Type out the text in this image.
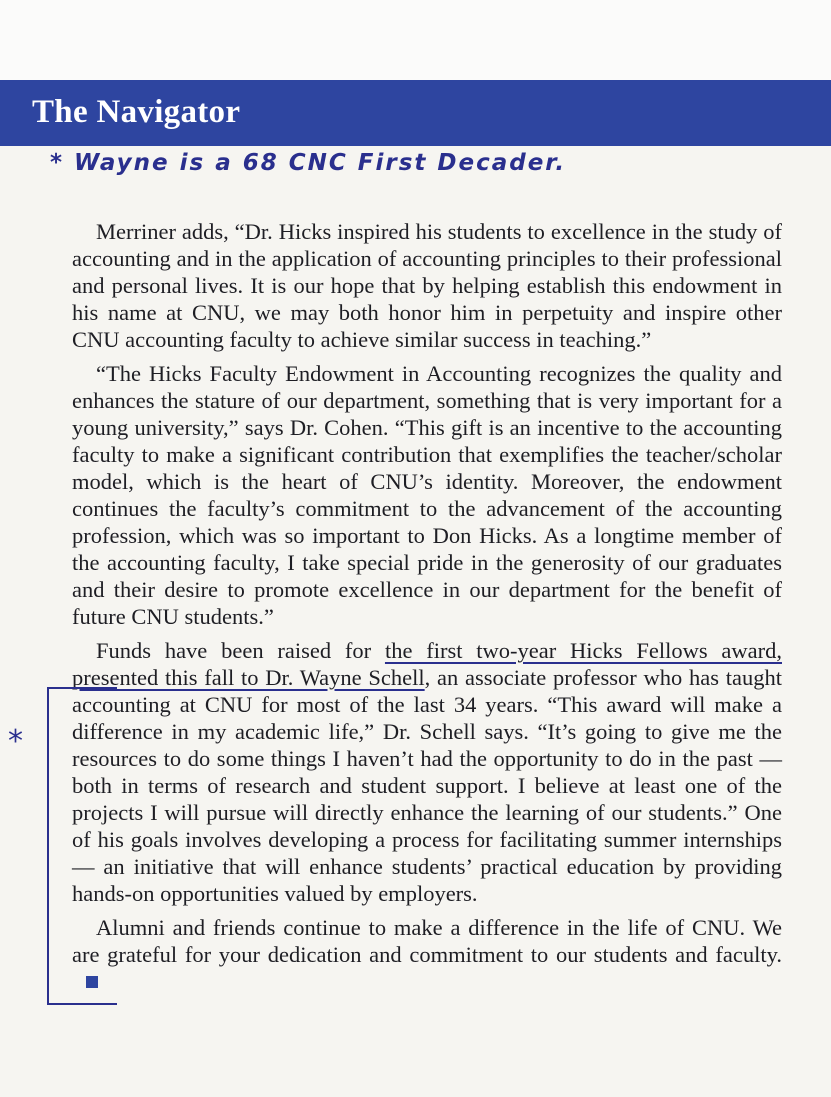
The Navigator
* Wayne is a 68 CNC First Decader.

Merriner adds, “Dr. Hicks inspired his students to excellence in the study of accounting and in the application of accounting principles to their professional and personal lives. It is our hope that by helping establish this endowment in his name at CNU, we may both honor him in perpetuity and inspire other CNU accounting faculty to achieve similar success in teaching.”

“The Hicks Faculty Endowment in Accounting recognizes the quality and enhances the stature of our department, something that is very important for a young university,” says Dr. Cohen. “This gift is an incentive to the accounting faculty to make a significant contribution that exemplifies the teacher/scholar model, which is the heart of CNU’s identity. Moreover, the endowment continues the faculty’s commitment to the advancement of the accounting profession, which was so important to Don Hicks. As a longtime member of the accounting faculty, I take special pride in the generosity of our graduates and their desire to promote excellence in our department for the benefit of future CNU students.”

Funds have been raised for the first two-year Hicks Fellows award, presented this fall to Dr. Wayne Schell, an associate professor who has taught accounting at CNU for most of the last 34 years. “This award will make a difference in my academic life,” Dr. Schell says. “It’s going to give me the resources to do some things I haven’t had the opportunity to do in the past — both in terms of research and student support. I believe at least one of the projects I will pursue will directly enhance the learning of our students.” One of his goals involves developing a process for facilitating summer internships — an initiative that will enhance students’ practical education by providing hands-on opportunities valued by employers.

Alumni and friends continue to make a difference in the life of CNU. We are grateful for your dedication and commitment to our students and faculty.

*
